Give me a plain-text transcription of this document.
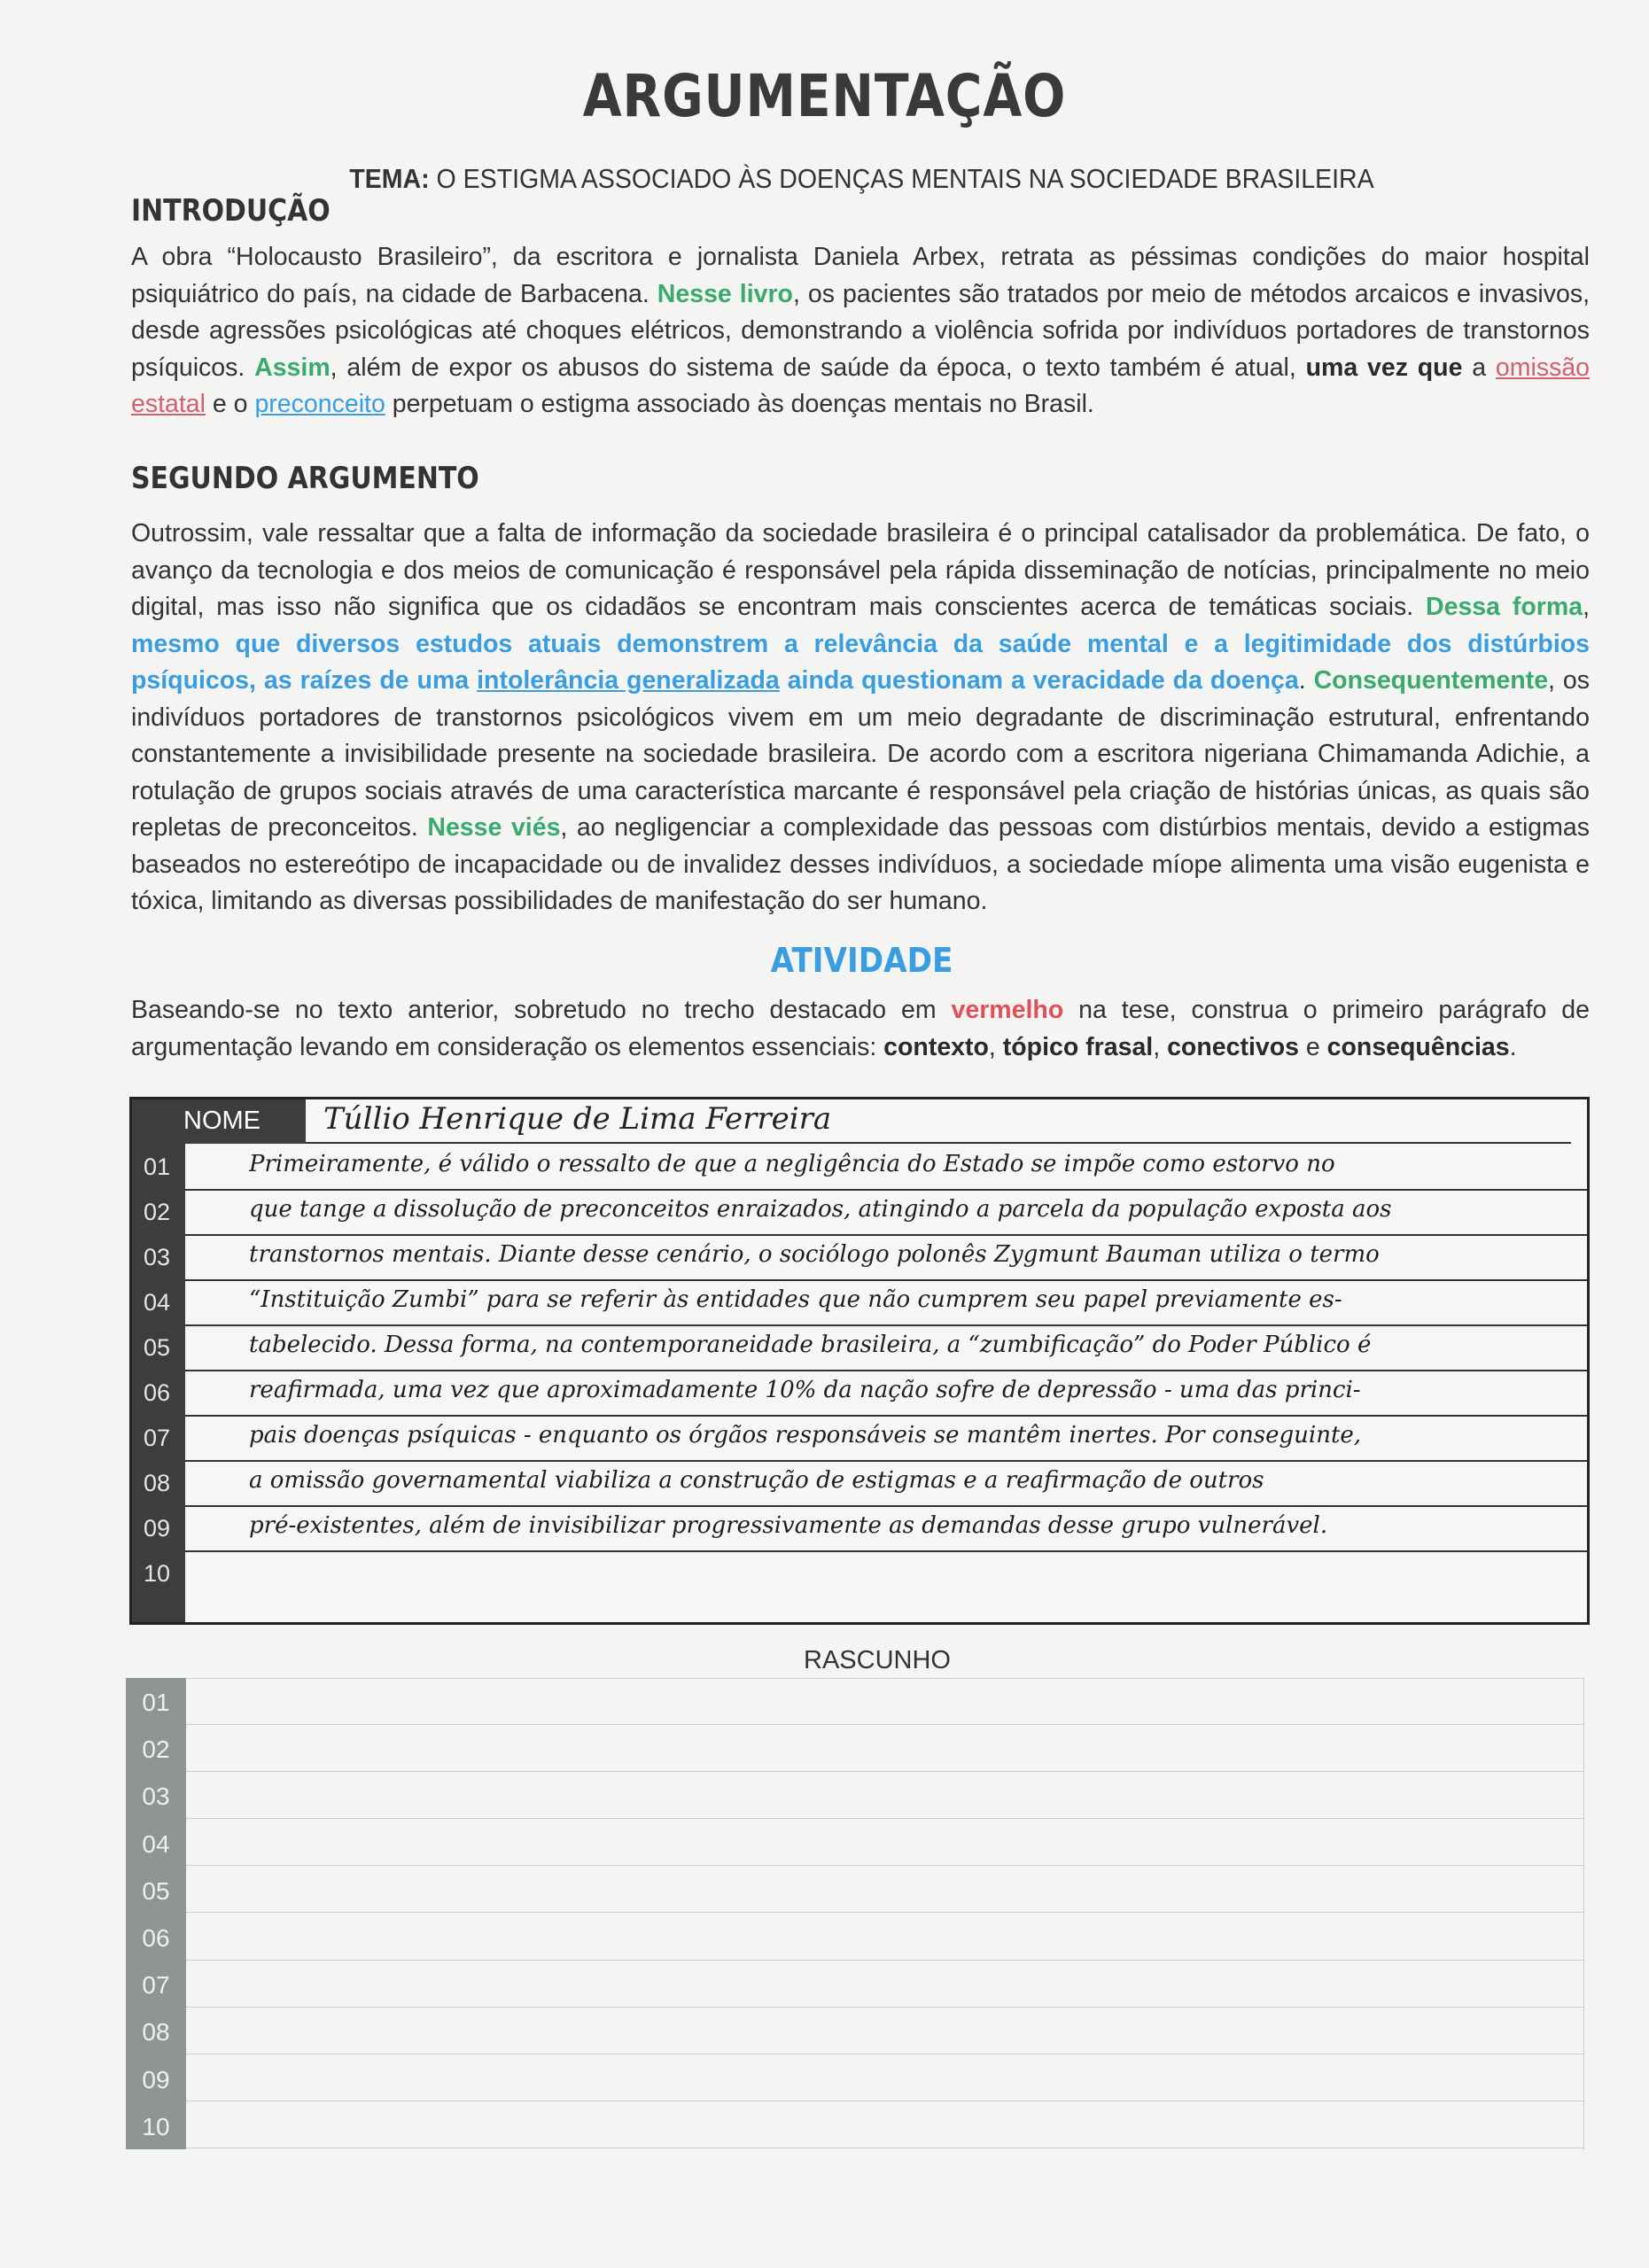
ARGUMENTAÇÃO
TEMA: O ESTIGMA ASSOCIADO ÀS DOENÇAS MENTAIS NA SOCIEDADE BRASILEIRA
INTRODUÇÃO
A obra “Holocausto Brasileiro”, da escritora e jornalista Daniela Arbex, retrata as péssimas condições do maior hospital psiquiátrico do país, na cidade de Barbacena. Nesse livro, os pacientes são tratados por meio de métodos arcaicos e invasivos, desde agressões psicológicas até choques elétricos, demonstrando a violência sofrida por indivíduos portadores de transtornos psíquicos. Assim, além de expor os abusos do sistema de saúde da época, o texto também é atual, uma vez que a omissão estatal e o preconceito perpetuam o estigma associado às doenças mentais no Brasil.
SEGUNDO ARGUMENTO
Outrossim, vale ressaltar que a falta de informação da sociedade brasileira é o principal catalisador da problemática. De fato, o avanço da tecnologia e dos meios de comunicação é responsável pela rápida disseminação de notícias, principalmente no meio digital, mas isso não significa que os cidadãos se encontram mais conscientes acerca de temáticas sociais. Dessa forma, mesmo que diversos estudos atuais demonstrem a relevância da saúde mental e a legitimidade dos distúrbios psíquicos, as raízes de uma intolerância generalizada ainda questionam a veracidade da doença. Consequentemente, os indivíduos portadores de transtornos psicológicos vivem em um meio degradante de discriminação estrutural, enfrentando constantemente a invisibilidade presente na sociedade brasileira. De acordo com a escritora nigeriana Chimamanda Adichie, a rotulação de grupos sociais através de uma característica marcante é responsável pela criação de histórias únicas, as quais são repletas de preconceitos. Nesse viés, ao negligenciar a complexidade das pessoas com distúrbios mentais, devido a estigmas baseados no estereótipo de incapacidade ou de invalidez desses indivíduos, a sociedade míope alimenta uma visão eugenista e tóxica, limitando as diversas possibilidades de manifestação do ser humano.
ATIVIDADE
Baseando-se no texto anterior, sobretudo no trecho destacado em vermelho na tese, construa o primeiro parágrafo de argumentação levando em consideração os elementos essenciais: contexto, tópico frasal, conectivos e consequências.
NOME Túllio Henrique de Lima Ferreira
01	Primeiramente, é válido o ressalto de que a negligência do Estado se impõe como estorvo no
02	que tange a dissolução de preconceitos enraizados, atingindo a parcela da população exposta aos
03	transtornos mentais. Diante desse cenário, o sociólogo polonês Zygmunt Bauman utiliza o termo
04	“Instituição Zumbi” para se referir às entidades que não cumprem seu papel previamente es-
05	tabelecido. Dessa forma, na contemporaneidade brasileira, a “zumbificação” do Poder Público é
06	reafirmada, uma vez que aproximadamente 10% da nação sofre de depressão - uma das princi-
07	pais doenças psíquicas - enquanto os órgãos responsáveis se mantêm inertes. Por conseguinte,
08	a omissão governamental viabiliza a construção de estigmas e a reafirmação de outros
09	pré-existentes, além de invisibilizar progressivamente as demandas desse grupo vulnerável.
10
RASCUNHO
01
02
03
04
05
06
07
08
09
10
